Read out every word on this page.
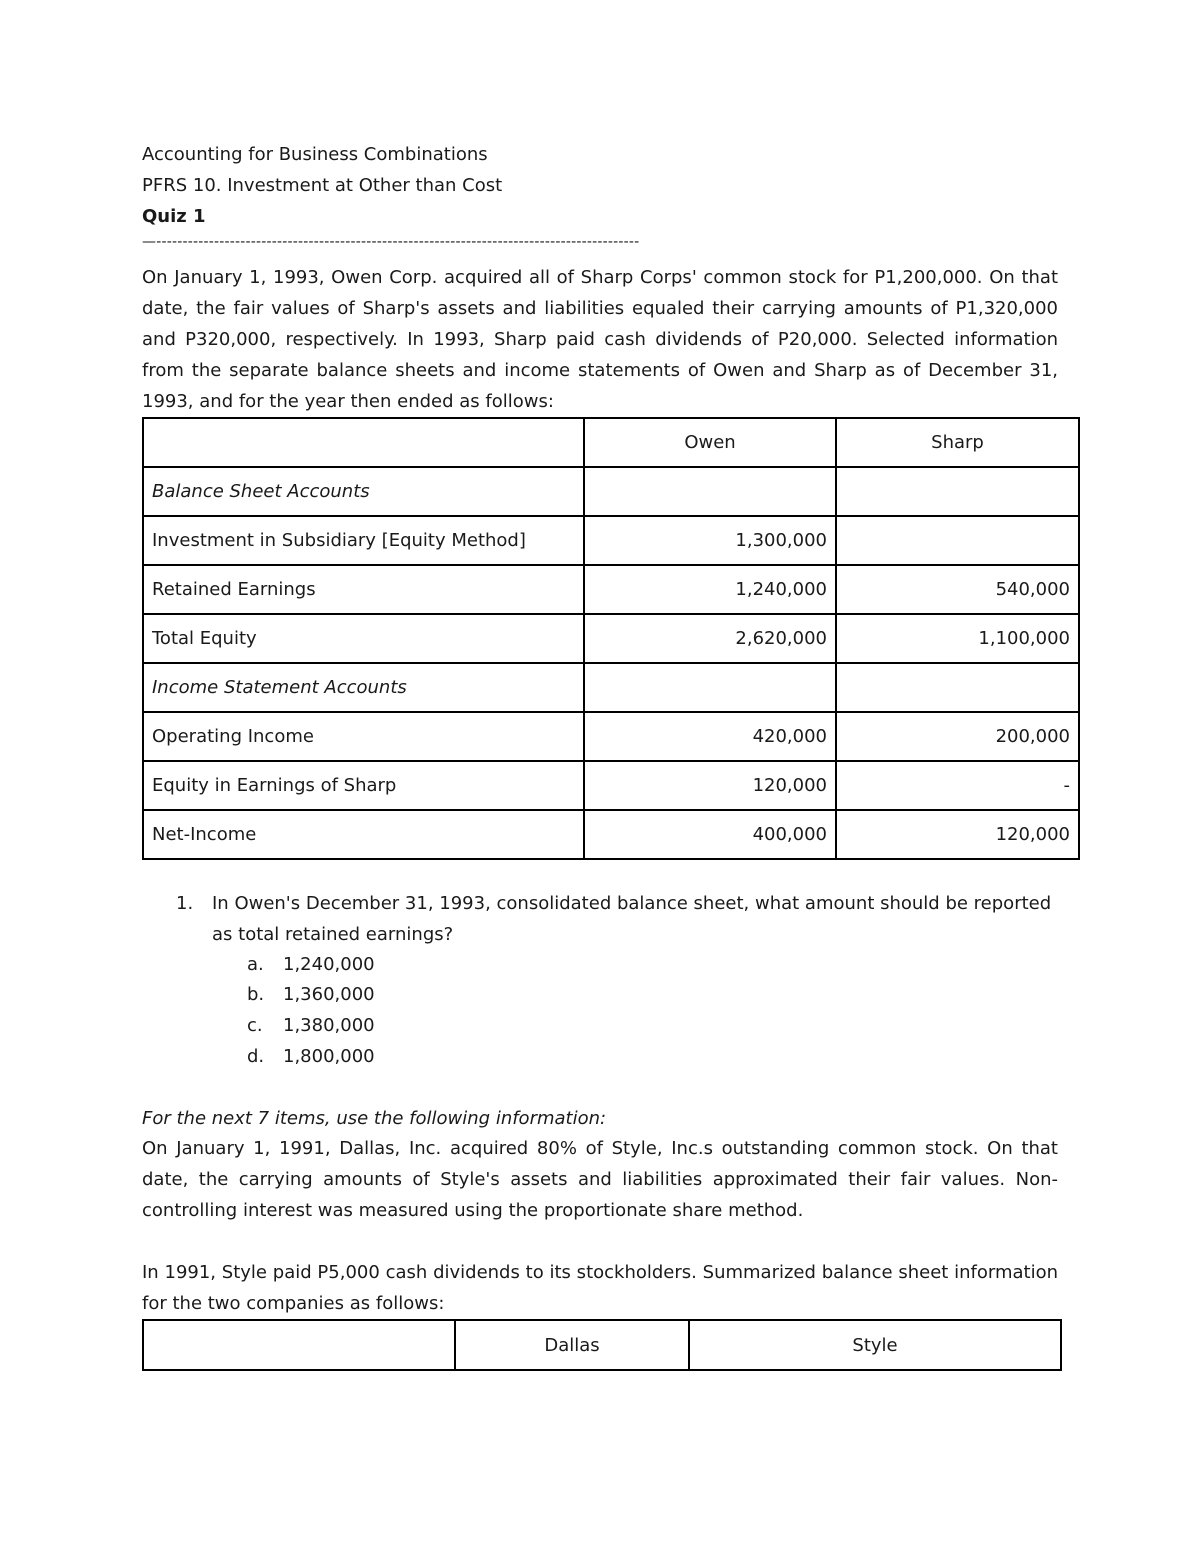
Accounting for Business Combinations
PFRS 10. Investment at Other than Cost
Quiz 1
—--------------------------------------------------------------------------------------------
On January 1, 1993, Owen Corp. acquired all of Sharp Corps' common stock for P1,200,000. On that date, the fair values of Sharp's assets and liabilities equaled their carrying amounts of P1,320,000 and P320,000, respectively. In 1993, Sharp paid cash dividends of P20,000. Selected information from the separate balance sheets and income statements of Owen and Sharp as of December 31, 1993, and for the year then ended as follows:
	Owen	Sharp
Balance Sheet Accounts		
Investment in Subsidiary [Equity Method]	1,300,000	
Retained Earnings	1,240,000	540,000
Total Equity	2,620,000	1,100,000
Income Statement Accounts		
Operating Income	420,000	200,000
Equity in Earnings of Sharp	120,000	-
Net-Income	400,000	120,000
1. In Owen's December 31, 1993, consolidated balance sheet, what amount should be reported as total retained earnings?
a. 1,240,000
b. 1,360,000
c. 1,380,000
d. 1,800,000
For the next 7 items, use the following information:
On January 1, 1991, Dallas, Inc. acquired 80% of Style, Inc.s outstanding common stock. On that date, the carrying amounts of Style's assets and liabilities approximated their fair values. Non- controlling interest was measured using the proportionate share method.
In 1991, Style paid P5,000 cash dividends to its stockholders. Summarized balance sheet information for the two companies as follows:
	Dallas	Style
